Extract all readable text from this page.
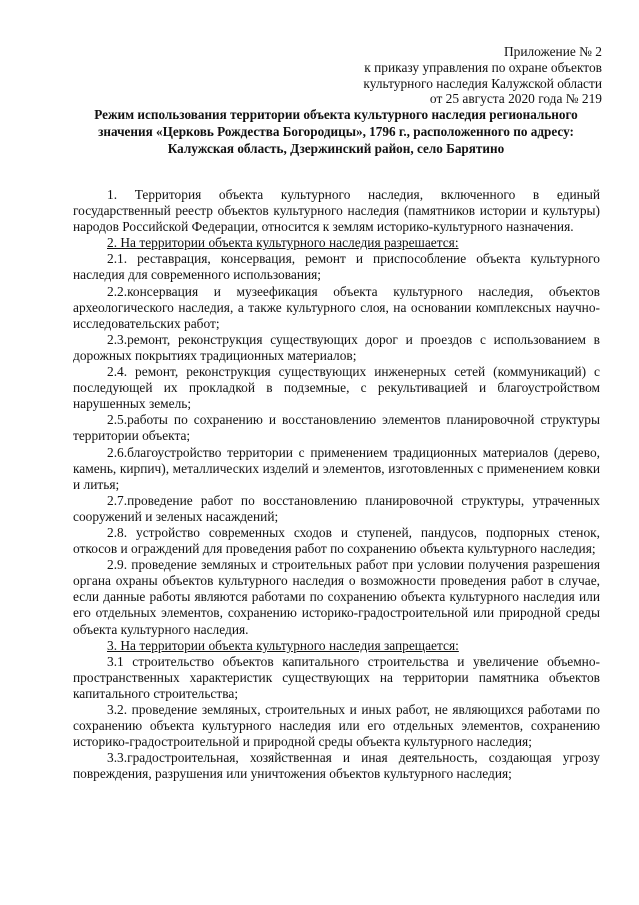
Приложение № 2
к приказу управления по охране объектов
культурного наследия Калужской области
от 25 августа 2020 года № 219
Режим использования территории объекта культурного наследия регионального значения «Церковь Рождества Богородицы», 1796 г., расположенного по адресу: Калужская область, Дзержинский район, село Барятино

1. Территория объекта культурного наследия, включенного в единый государственный реестр объектов культурного наследия (памятников истории и культуры) народов Российской Федерации, относится к землям историко-культурного назначения.

2. На территории объекта культурного наследия разрешается:

2.1. реставрация, консервация, ремонт и приспособление объекта культурного наследия для современного использования;

2.2.консервация и музеефикация объекта культурного наследия, объектов археологического наследия, а также культурного слоя, на основании комплексных научно-исследовательских работ;

2.3.ремонт, реконструкция существующих дорог и проездов с использованием в дорожных покрытиях традиционных материалов;

2.4. ремонт, реконструкция существующих инженерных сетей (коммуникаций) с последующей их прокладкой в подземные, с рекультивацией и благоустройством нарушенных земель;

2.5.работы по сохранению и восстановлению элементов планировочной структуры территории объекта;

2.6.благоустройство территории с применением традиционных материалов (дерево, камень, кирпич), металлических изделий и элементов, изготовленных с применением ковки и литья;

2.7.проведение работ по восстановлению планировочной структуры, утраченных сооружений и зеленых насаждений;

2.8. устройство современных сходов и ступеней, пандусов, подпорных стенок, откосов и ограждений для проведения работ по сохранению объекта культурного наследия;

2.9. проведение земляных и строительных работ при условии получения разрешения органа охраны объектов культурного наследия о возможности проведения работ в случае, если данные работы являются работами по сохранению объекта культурного наследия или его отдельных элементов, сохранению историко-градостроительной или природной среды объекта культурного наследия.

3. На территории объекта культурного наследия запрещается:

3.1 строительство объектов капитального строительства и увеличение объемно-пространственных характеристик существующих на территории памятника объектов капитального строительства;

3.2. проведение земляных, строительных и иных работ, не являющихся работами по сохранению объекта культурного наследия или его отдельных элементов, сохранению историко-градостроительной и природной среды объекта культурного наследия;

3.3.градостроительная, хозяйственная и иная деятельность, создающая угрозу повреждения, разрушения или уничтожения объектов культурного наследия;
